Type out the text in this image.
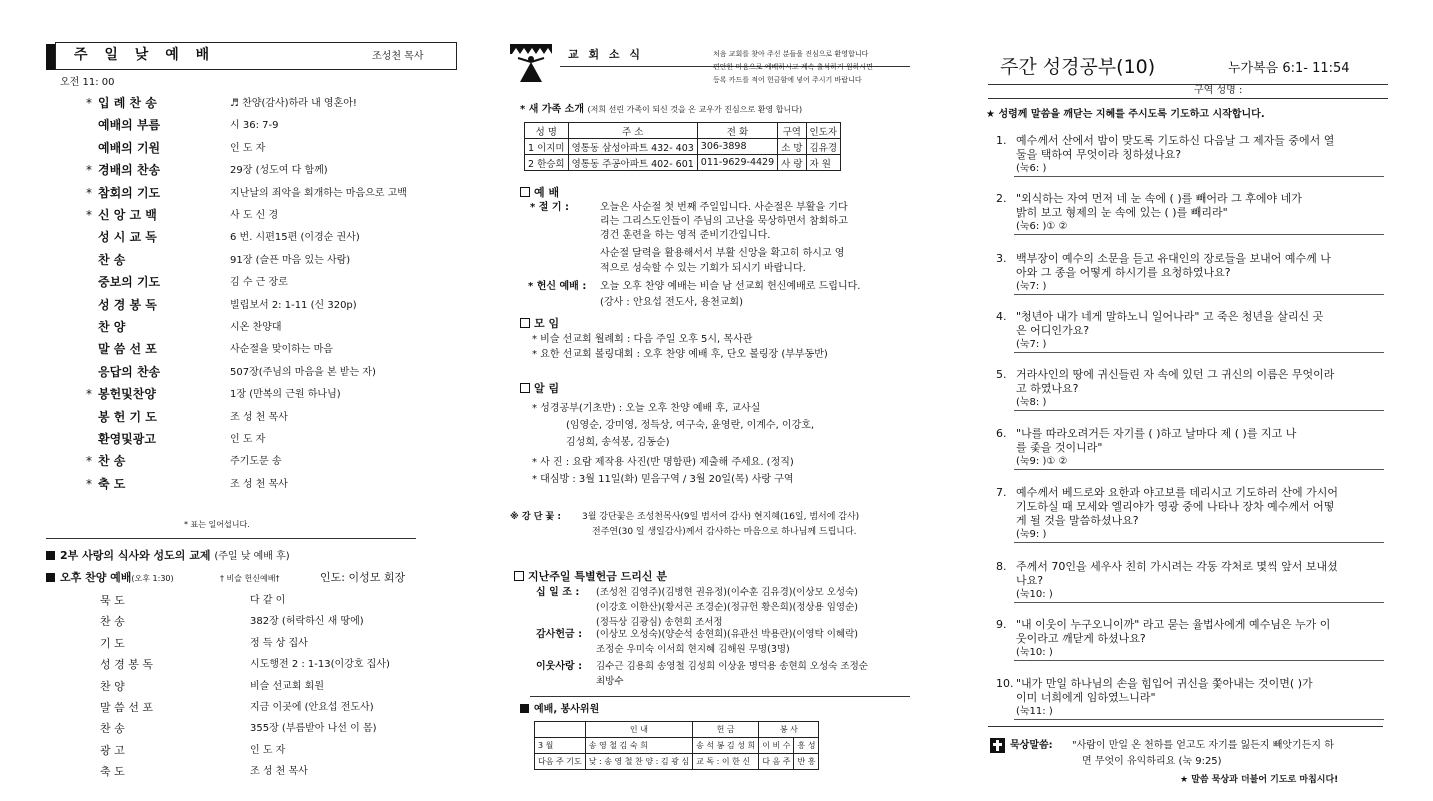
주 일 낮 예 배	조성천 목사
오전 11: 00
* 표는 일어섭니다.
2부 사랑의 식사와 성도의 교제 (주일 낮 예배 후)
오후 찬양 예배(오후 1:30)	† 비슬 헌신예배†	인도: 이성모 회장
묵 도	다 같 이
찬 송	382장 (허락하신 새 땅에)
기 도	정 득 상 집사
성 경 봉 독	시도행전 2 : 1-13(이강호 집사)
찬 양	비슬 선교회 회원
말 씀 선 포	지금 이곳에 (안요섭 전도사)
찬 송	355장 (부름받아 나선 이 몸)
광 고	인 도 자
축 도	조 성 천 목사
*
*
*
*
*
*
*
입 례 찬 송	♬ 찬양(감사)하라 내 영혼아!
예배의 부름	시 36: 7-9
예배의 기원	인 도 자
경배의 찬송	29장 (성도여 다 함께)
참회의 기도	지난날의 죄악을 회개하는 마음으로 고백
신 앙 고 백	사 도 신 경
성 시 교 독	6 번. 시편15편 (이경순 권사)
찬 송	91장 (슬픈 마음 있는 사람)
중보의 기도	김 수 근 장로
성 경 봉 독	빌립보서 2: 1-11 (신 320p)
찬 양	시온 찬양대
말 씀 선 포	사순절을 맞이하는 마음
응답의 찬송	507장(주님의 마음을 본 받는 자)
봉헌및찬양	1장 (만복의 근원 하나님)
봉 헌 기 도	조 성 천 목사
환영및광고	인 도 자
찬 송	주기도문 송
축 도	조 성 천 목사
교 회 소 식	처음 교회를 찾아 주신 분들을 진심으로 환영합니다
편안한 마음으로 예배하시고 계속 출석하기 원하시면
등록 카드를 적어 헌금함에 넣어 주시기 바랍니다
* 새 가족 소개 (저희 선린 가족이 되신 것을 온 교우가 진심으로 환영 합니다)
성 명	주 소	전 화	구역	인도자
1 이지미	영통동 삼성아파트 432- 403	306-3898	소 망	김유경
2 한승희	영통동 주공아파트 402- 601	011-9629-4429	사 랑	자 원
예 배
* 절 기 :	오늘은 사순절 첫 번째 주일입니다. 사순절은 부활을 기다
리는 그리스도인들이 주님의 고난을 묵상하면서 참회하고
경건 훈련을 하는 영적 준비기간입니다.
사순절 달력을 활용해서서 부활 신앙을 확고히 하시고 영
적으로 성숙할 수 있는 기회가 되시기 바랍니다.
* 헌신 예배 : 오늘 오후 찬양 예배는 비슬 남 선교회 헌신예배로 드립니다.
(강사 : 안요섭 전도사, 용천교회)
모 임
* 비슬 선교회 월례회 : 다음 주일 오후 5시, 목사관
* 요한 선교회 볼링대회 : 오후 찬양 예배 후, 단오 볼링장 (부부동반)
알 림
* 성경공부(기초반) : 오늘 오후 찬양 예배 후, 교사실
(임영순, 강미영, 정득상, 여구숙, 윤영란, 이계수, 이강호,
김성희, 송석봉, 김동순)
* 사 진 : 요람 제작용 사진(반 명함판) 제출해 주세요. (정직)
* 대심방 : 3월 11일(화) 믿음구역 / 3월 20일(목) 사랑 구역
※ 강 단 꽃 : 3월 강단꽃은 조성천목사(9일 범서여 감사) 현지혜(16일, 범서에 감사)
전주연(30 일 생일감사)께서 감사하는 마음으로 하나님께 드립니다.
지난주일 특별헌금 드리신 분
십 일 조 : (조성천 김영주)(김병현 권유정)(이수훈 김유경)(이상모 오성숙)
(이강호 이한산)(황서곤 조경순)(정규헌 황은희)(정상용 임영순)
(정득상 김광심) 송현희 조서정
감사헌금 : (이상모 오성숙)(양순석 송현희)(유관선 박용란)(이영탁 이혜락)
조정순 우미숙 이서희 현지혜 김해원 무명(3명)
이웃사랑 : 김수근 김용희 송영철 김성희 이상윤 명덕용 송현희 오성숙 조정순
최방수
예배, 봉사위원
	인 내	헌 금	봉 사	
3 월	송 영 철 김 숙 희	송 석 봉 김 성 희	이 비 수	흥 성
다음 주 기도	낮 : 송 영 철 찬 양 : 김 광 심	교 독 : 이 한 신	다 음 주	반 흥
주간 성경공부(10)	누가복음 6:1- 11:54
구역 성명 :
★ 성령께 말씀을 깨닫는 지혜를 주시도록 기도하고 시작합니다.
1. 예수께서 산에서 밤이 맞도록 기도하신 다음날 그 제자들 중에서 열
둘을 택하여 무엇이라 칭하셨나요?
(눅6: )
2. "외식하는 자여 먼저 네 눈 속에 ( )를 빼어라 그 후에야 네가
밝히 보고 형제의 눈 속에 있는 ( )를 빼리라"
(눅6: )① ②
3. 백부장이 예수의 소문을 듣고 유대인의 장로들을 보내어 예수께 나
아와 그 종을 어떻게 하시기를 요청하였나요?
(눅7: )
4. "청년아 내가 네게 말하노니 일어나라" 고 죽은 청년을 살리신 곳
은 어디인가요?
(눅7: )
5. 거라사인의 땅에 귀신들린 자 속에 있던 그 귀신의 이름은 무엇이라
고 하였나요?
(눅8: )
6. "나를 따라오려거든 자기를 ( )하고 날마다 제 ( )를 지고 나
를 좇을 것이니라"
(눅9: )① ②
7. 예수께서 베드로와 요한과 야고보를 데리시고 기도하러 산에 가시어
기도하실 때 모세와 엘리야가 영광 중에 나타나 장차 예수께서 어떻
게 될 것을 말씀하셨나요?
(눅9: )
8. 주께서 70인을 세우사 친히 가시려는 각동 각처로 몇씩 앞서 보내셨
나요?
(눅10: )
9. "내 이웃이 누구오니이까" 라고 묻는 율법사에게 예수님은 누가 이
웃이라고 깨닫게 하셨나요?
(눅10: )
10. "내가 만일 하나님의 손을 힘입어 귀신을 쫓아내는 것이면( )가
이미 너희에게 임하였느니라"
(눅11: )
묵상말씀: "사람이 만일 온 천하를 얻고도 자기를 잃든지 빼앗기든지 하
면 무엇이 유익하리요 (눅 9:25)
★ 말씀 묵상과 더불어 기도로 마칩시다!
